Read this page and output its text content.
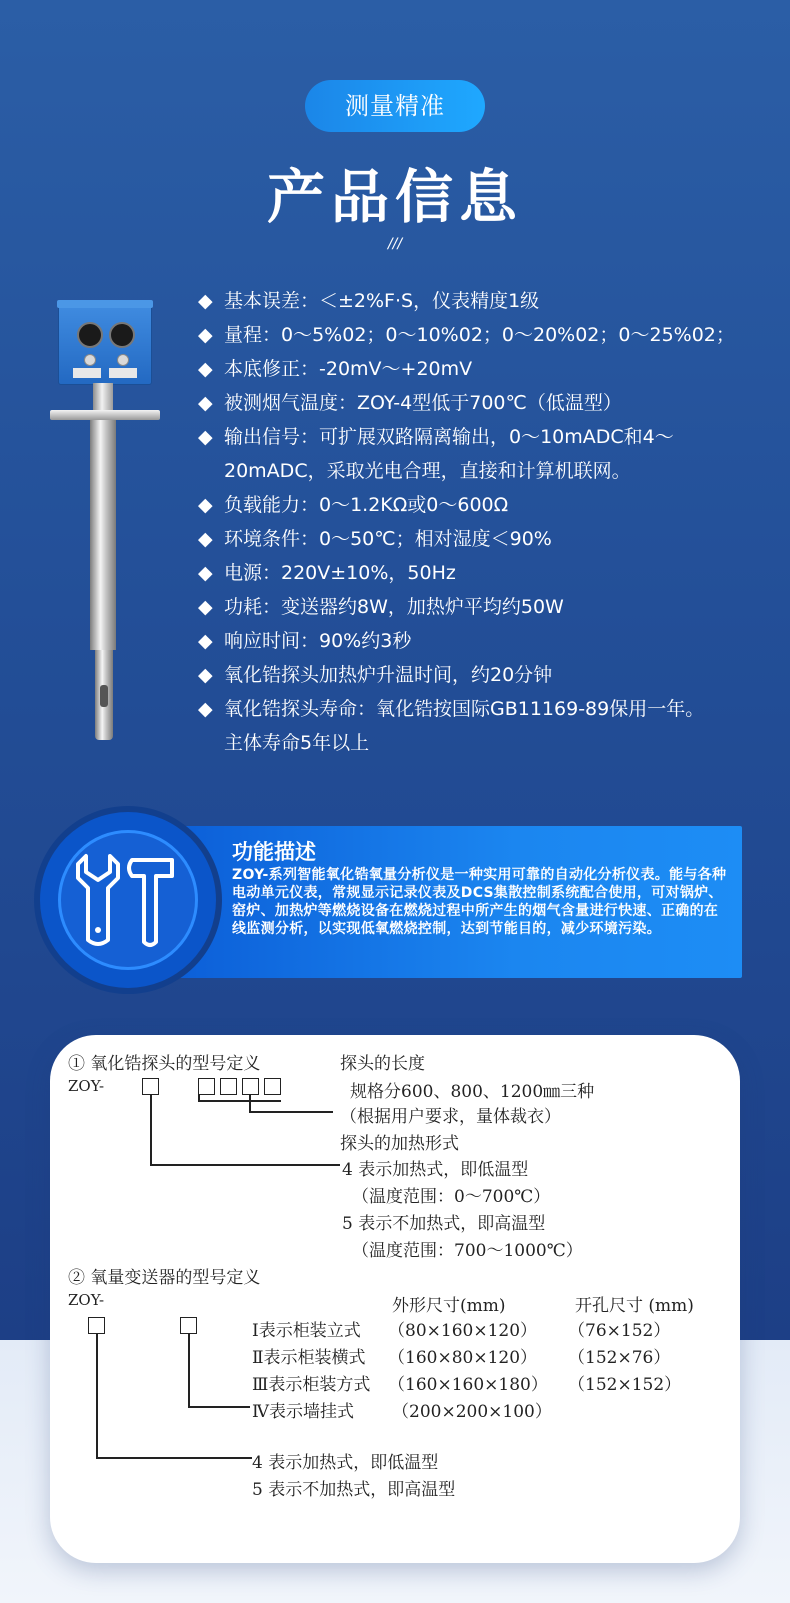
测量精准
产品信息
///
◆ 基本误差：＜±2%F·S，仪表精度1级
◆ 量程：0～5%02；0～10%02；0～20%02；0～25%02；
◆ 本底修正：-20mV～+20mV
◆ 被测烟气温度：ZOY-4型低于700℃（低温型）
◆ 输出信号：可扩展双路隔离输出，0～10mADC和4～
20mADC，采取光电合理，直接和计算机联网。
◆ 负载能力：0～1.2KΩ或0～600Ω
◆ 环境条件：0～50℃；相对湿度＜90%
◆ 电源：220V±10%，50Hz
◆ 功耗：变送器约8W，加热炉平均约50W
◆ 响应时间：90%约3秒
◆ 氧化锆探头加热炉升温时间，约20分钟
◆ 氧化锆探头寿命：氧化锆按国际GB11169-89保用一年。
主体寿命5年以上
功能描述
ZOY-系列智能氧化锆氧量分析仪是一种实用可靠的自动化分析仪表。能与各种电动单元仪表，常规显示记录仪表及DCS集散控制系统配合使用，可对锅炉、窑炉、加热炉等燃烧设备在燃烧过程中所产生的烟气含量进行快速、正确的在线监测分析，以实现低氧燃烧控制，达到节能目的，减少环境污染。
① 氧化锆探头的型号定义	探头的长度
ZOY-	规格分600、800、1200㎜三种
（根据用户要求，量体裁衣）
探头的加热形式
4 表示加热式，即低温型
（温度范围：0～700℃）
5 表示不加热式，即高温型
（温度范围：700～1000℃）
② 氧量变送器的型号定义
ZOY-	外形尺寸(mm)	开孔尺寸 (mm)
Ⅰ表示柜装立式 （80×160×120） （76×152）
Ⅱ表示柜装横式 （160×80×120） （152×76）
Ⅲ表示柜装方式 （160×160×180） （152×152）
Ⅳ表示墙挂式 （200×200×100）
4 表示加热式，即低温型
5 表示不加热式，即高温型
